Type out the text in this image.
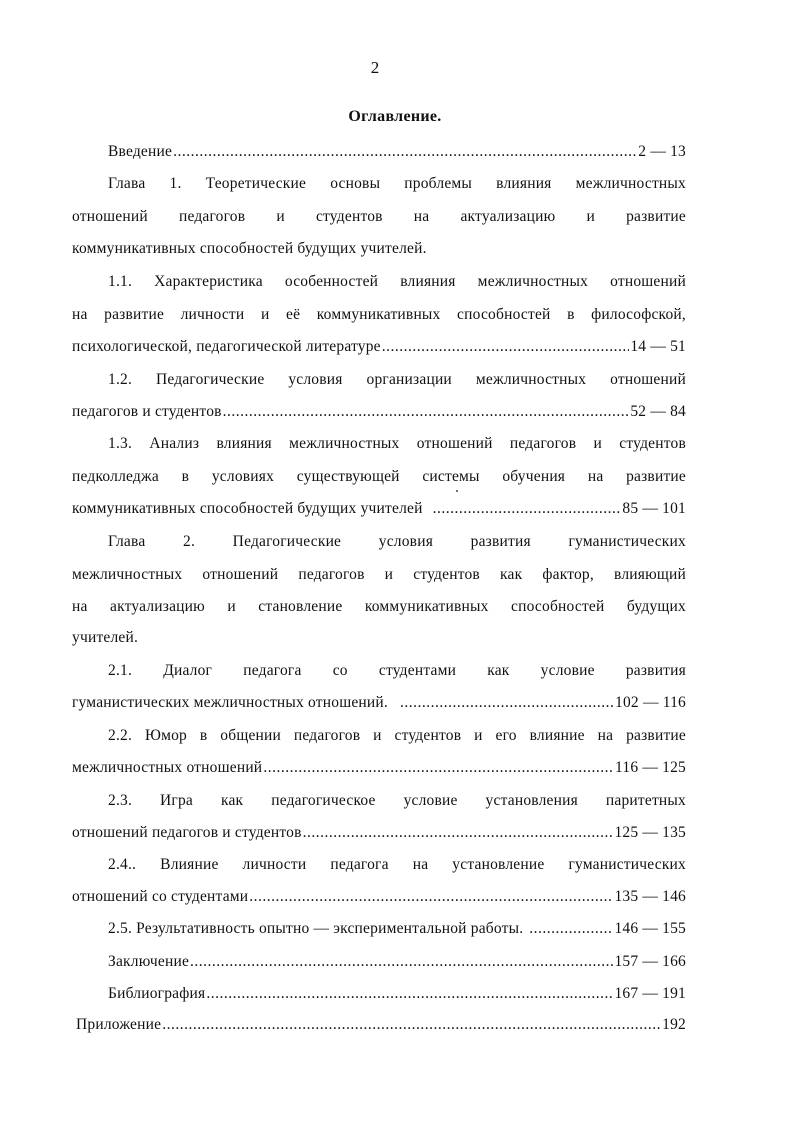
2
Оглавление.
Введение .....	2 — 13
Глава 1. Теоретические основы проблемы влияния межличностных
отношений педагогов и студентов на актуализацию и развитие
коммуникативных способностей будущих учителей.
1.1. Характеристика особенностей влияния межличностных отношений
на развитие личности и её коммуникативных способностей в философской,
психологической, педагогической литературе .....	14 — 51
1.2. Педагогические условия организации межличностных отношений
педагогов и студентов .....	52 — 84
1.3. Анализ влияния межличностных отношений педагогов и студентов
педколледжа в условиях существующей системы обучения на развитие
коммуникативных способностей будущих учителей .....	85 — 101
Глава 2. Педагогические условия развития гуманистических
межличностных отношений педагогов и студентов как фактор, влияющий
на актуализацию и становление коммуникативных способностей будущих
учителей.
2.1. Диалог педагога со студентами как условие развития
гуманистических межличностных отношений. .....	102 — 116
2.2. Юмор в общении педагогов и студентов и его влияние на развитие
межличностных отношений .....	116 — 125
2.3. Игра как педагогическое условие установления паритетных
отношений педагогов и студентов .....	125 — 135
2.4.. Влияние личности педагога на установление гуманистических
отношений со студентами .....	135 — 146
2.5. Результативность опытно — экспериментальной работы. .....	146 — 155
Заключение .....	157 — 166
Библиография .....	167 — 191
Приложение .....	192
